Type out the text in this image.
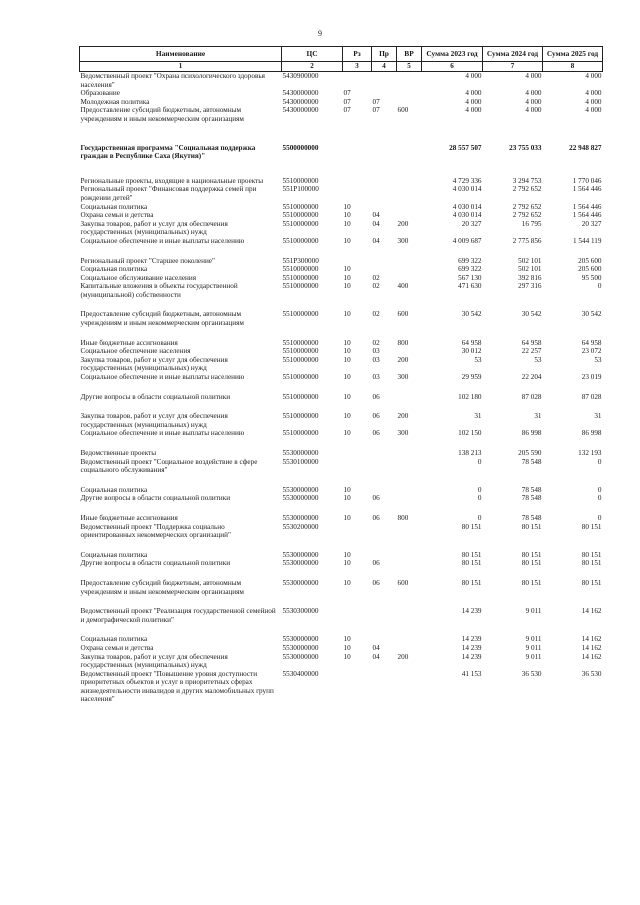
9
Наименование	ЦС	Рз	Пр	ВР	Сумма 2023 год	Сумма 2024 год	Сумма 2025 год
1	2	3	4	5	6	7	8
Ведомственный проект "Охрана психологического здоровья населения"	5430900000				4 000	4 000	4 000
Образование	5430000000	07			4 000	4 000	4 000
Молодежная политика	5430000000	07	07		4 000	4 000	4 000
Предоставление субсидий бюджетным, автономным учреждениям и иным некоммерческим организациям	5430000000	07	07	600	4 000	4 000	4 000

Государственная программа "Социальная поддержка граждан в Республике Саха (Якутия)"	5500000000				28 557 507	23 755 033	22 948 827

Региональные проекты, входящие в национальные проекты	5510000000				4 729 336	3 294 753	1 770 046
Региональный проект "Финансовая поддержка семей при рождении детей"	551P100000				4 030 014	2 792 652	1 564 446
Социальная политика	5510000000	10			4 030 014	2 792 652	1 564 446
Охрана семьи и детства	5510000000	10	04		4 030 014	2 792 652	1 564 446
Закупка товаров, работ и услуг для обеспечения государственных (муниципальных) нужд	5510000000	10	04	200	20 327	16 795	20 327
Социальное обеспечение и иные выплаты населению	5510000000	10	04	300	4 009 687	2 775 856	1 544 119

Региональный проект "Старшее поколение"	551P300000				699 322	502 101	205 600
Социальная политика	5510000000	10			699 322	502 101	205 600
Социальное обслуживание населения	5510000000	10	02		567 130	392 816	95 500
Капитальные вложения в объекты государственной (муниципальной) собственности	5510000000	10	02	400	471 630	297 316	0

Предоставление субсидий бюджетным, автономным учреждениям и иным некоммерческим организациям	5510000000	10	02	600	30 542	30 542	30 542

Иные бюджетные ассигнования	5510000000	10	02	800	64 958	64 958	64 958
Социальное обеспечение населения	5510000000	10	03		30 012	22 257	23 072
Закупка товаров, работ и услуг для обеспечения государственных (муниципальных) нужд	5510000000	10	03	200	53	53	53
Социальное обеспечение и иные выплаты населению	5510000000	10	03	300	29 959	22 204	23 019

Другие вопросы в области социальной политики	5510000000	10	06		102 180	87 028	87 028

Закупка товаров, работ и услуг для обеспечения государственных (муниципальных) нужд	5510000000	10	06	200	31	31	31
Социальное обеспечение и иные выплаты населению	5510000000	10	06	300	102 150	86 998	86 998

Ведомственные проекты	5530000000				138 213	205 590	132 193
Ведомственный проект "Социальное воздействие в сфере социального обслуживания"	5530100000				0	78 548	0

Социальная политика	5530000000	10			0	78 548	0
Другие вопросы в области социальной политики	5530000000	10	06		0	78 548	0

Иные бюджетные ассигнования	5530000000	10	06	800	0	78 548	0
Ведомственный проект "Поддержка социально ориентированных некоммерческих организаций"	5530200000				80 151	80 151	80 151

Социальная политика	5530000000	10			80 151	80 151	80 151
Другие вопросы в области социальной политики	5530000000	10	06		80 151	80 151	80 151

Предоставление субсидий бюджетным, автономным учреждениям и иным некоммерческим организациям	5530000000	10	06	600	80 151	80 151	80 151

Ведомственный проект "Реализация государственной семейной и демографической политики"	5530300000				14 239	9 011	14 162

Социальная политика	5530000000	10			14 239	9 011	14 162
Охрана семьи и детства	5530000000	10	04		14 239	9 011	14 162
Закупка товаров, работ и услуг для обеспечения государственных (муниципальных) нужд	5530000000	10	04	200	14 239	9 011	14 162
Ведомственный проект "Повышение уровня доступности приоритетных объектов и услуг в приоритетных сферах жизнедеятельности инвалидов и других маломобильных групп населения"	5530400000				41 153	36 530	36 530
